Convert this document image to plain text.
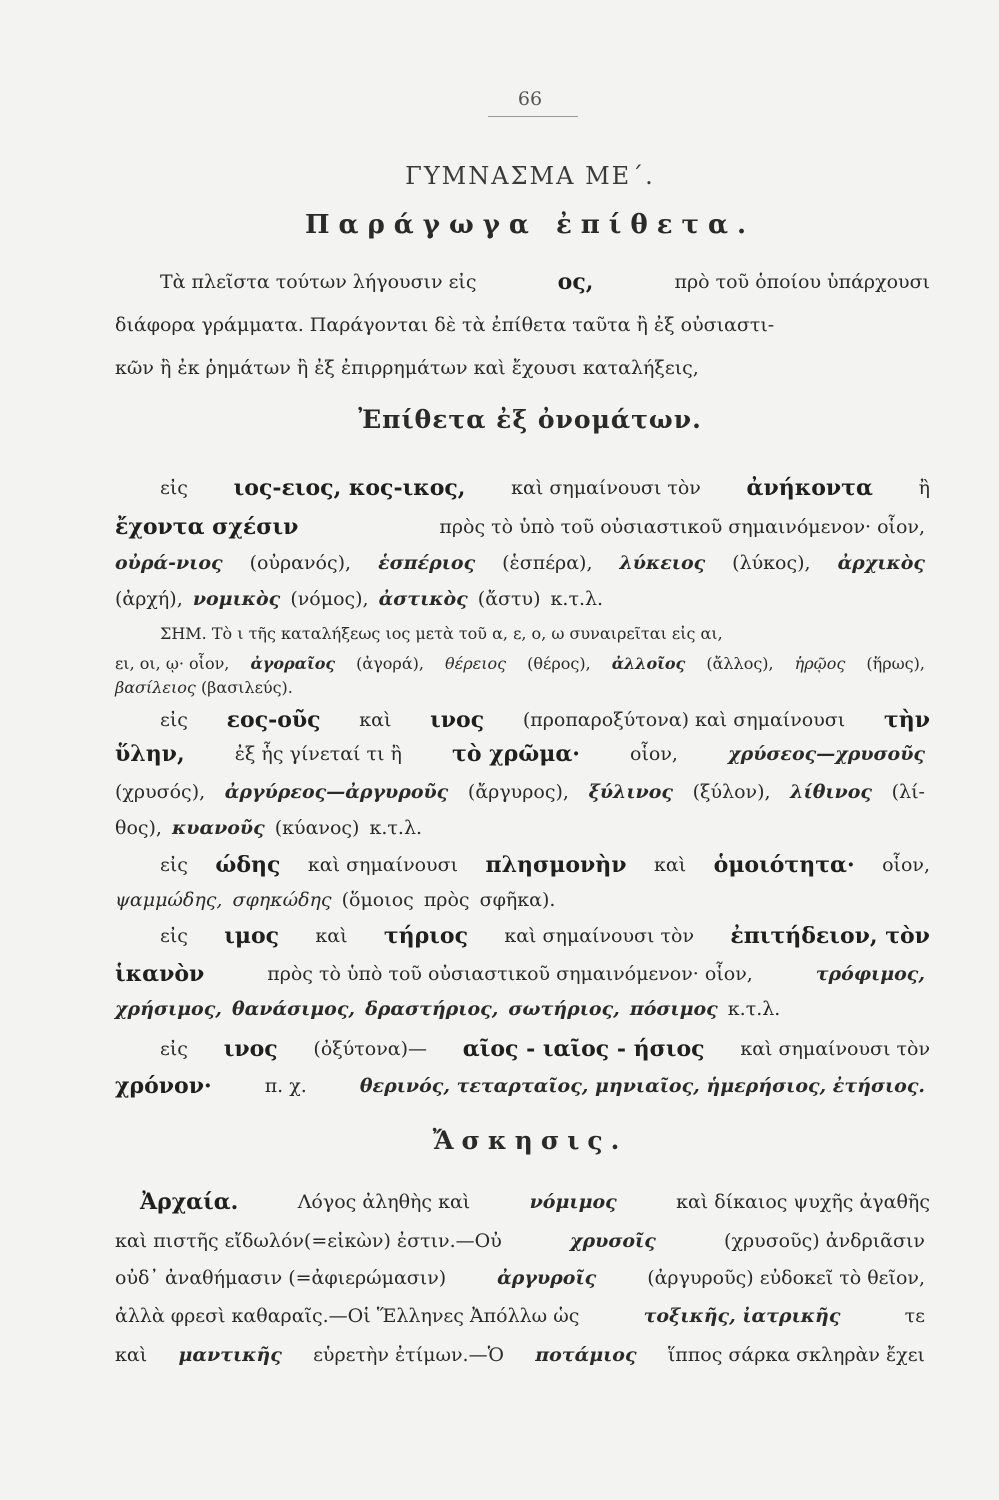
66
ΓΥΜΝΑΣΜΑ ΜΕ΄.
Παράγωγα ἐπίθετα.
Τὰ πλεῖστα τούτων λήγουσιν εἰς	ος,	πρὸ τοῦ ὁποίου ὑπάρχουσι
διάφορα γράμματα. Παράγονται δὲ τὰ ἐπίθετα ταῦτα ἢ ἐξ οὐσιαστι-
κῶν ἢ ἐκ ῥημάτων ἢ ἐξ ἐπιρρημάτων καὶ ἔχουσι καταλήξεις,
Ἐπίθετα ἐξ ὀνομάτων.
εἰς ιος-ειος, κος-ικος, καὶ σημαίνουσι τὸν ἀνήκοντα ἢ
ἔχοντα σχέσιν	πρὸς τὸ ὑπὸ τοῦ οὐσιαστικοῦ σημαινόμενον· οἷον,
οὐρά-νιος (οὐρανός), ἑσπέριος (ἑσπέρα), λύκειος (λύκος), ἀρχικὸς
(ἀρχή), νομικὸς (νόμος), ἀστικὸς (ἄστυ) κ.τ.λ.
ΣΗΜ. Τὸ ι τῆς καταλήξεως ιος μετὰ τοῦ α, ε, ο, ω συναιρεῖται εἰς αι,
ει, οι, ῳ· οἷον, ἀγοραῖος (ἀγορά), θέρειος (θέρος), ἀλλοῖος (ἄλλος), ἡρῷος (ἥρως),
βασίλειος (βασιλεύς).
εἰς εος-οῦς καὶ ινος (προπαροξύτονα) καὶ σημαίνουσι τὴν
ὕλην,	ἐξ ἧς γίνεταί τι ἢ τὸ χρῶμα·	οἷον,	χρύσεος—χρυσοῦς
(χρυσός), ἀργύρεος—ἀργυροῦς (ἄργυρος), ξύλινος (ξύλον), λίθινος (λί-
θος), κυανοῦς (κύανος) κ.τ.λ.
εἰς ώδης καὶ σημαίνουσι πλησμονὴν καὶ ὁμοιότητα· οἷον,
ψαμμώδης, σφηκώδης (ὅμοιος πρὸς σφῆκα).
εἰς ιμος καὶ τήριος καὶ σημαίνουσι τὸν ἐπιτήδειον, τὸν
ἱκανὸν	πρὸς τὸ ὑπὸ τοῦ οὐσιαστικοῦ σημαινόμενον· οἷον,	τρόφιμος,
χρήσιμος, θανάσιμος, δραστήριος, σωτήριος, πόσιμος κ.τ.λ.
εἰς ινος (ὀξύτονα)— αῖος - ιαῖος - ήσιος καὶ σημαίνουσι τὸν
χρόνον·	π. χ.	θερινός, τεταρταῖος, μηνιαῖος, ἡμερήσιος, ἐτήσιος.
Ἄσκησις.
Ἀρχαία.	Λόγος ἀληθὴς καὶ	νόμιμος	καὶ δίκαιος ψυχῆς ἀγαθῆς
καὶ πιστῆς εἴδωλόν(=εἰκὼν) ἐστιν.—Οὐ	χρυσοῖς	(χρυσοῦς) ἀνδριᾶσιν
οὐδ᾽ ἀναθήμασιν (=ἀφιερώμασιν)	ἀργυροῖς	(ἀργυροῦς) εὐδοκεῖ τὸ θεῖον,
ἀλλὰ φρεσὶ καθαραῖς.—Οἱ Ἕλληνες Ἀπόλλω ὡς	τοξικῆς, ἰατρικῆς	τε
καὶ μαντικῆς εὑρετὴν ἐτίμων.—Ὁ ποτάμιος ἵππος σάρκα σκληρὰν ἔχει
